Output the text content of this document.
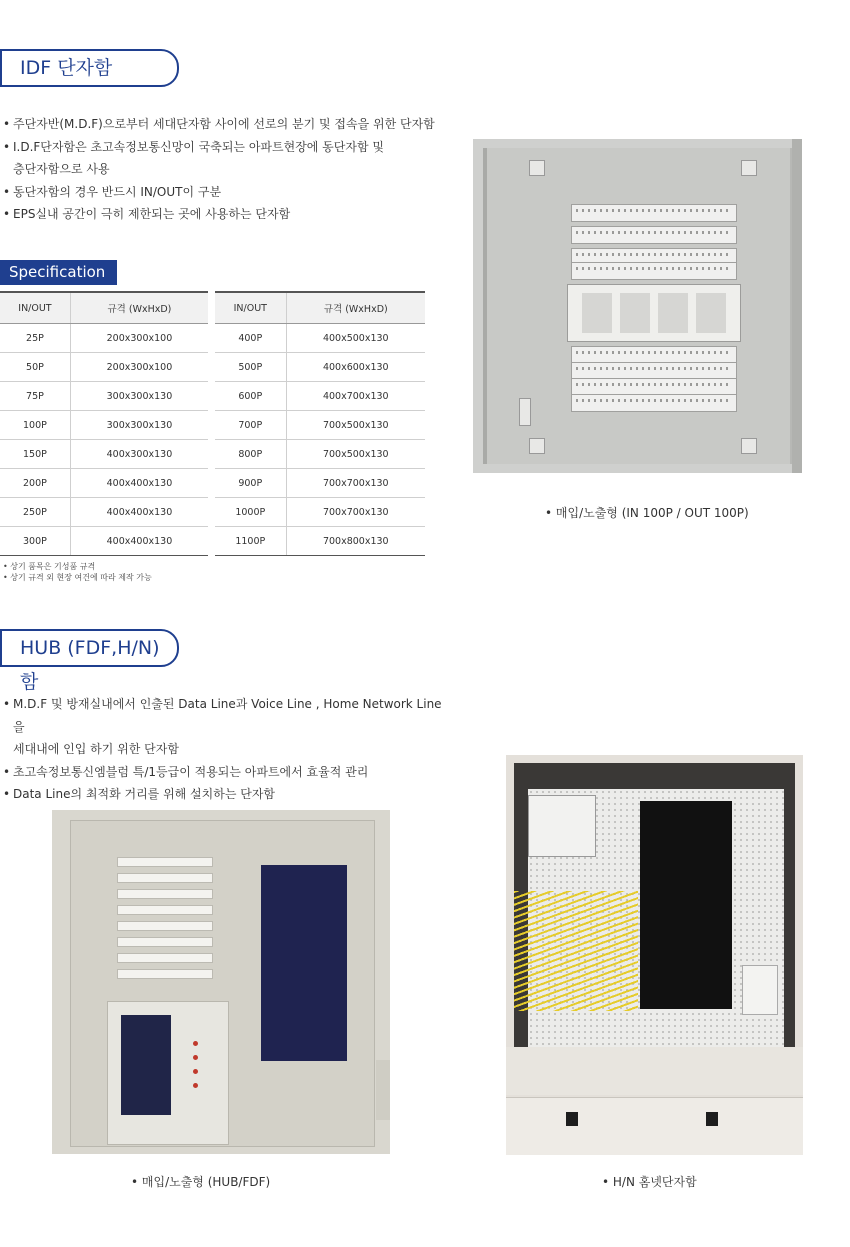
IDF 단자함
• 주단자반(M.D.F)으로부터 세대단자함 사이에 선로의 분기 및 접속을 위한 단자함
• I.D.F단자함은 초고속정보통신망이 국축되는 아파트현장에 동단자함 및
층단자함으로 사용
• 동단자함의 경우 반드시 IN/OUT이 구분
• EPS실내 공간이 극히 제한되는 곳에 사용하는 단자함
Specification
IN/OUT	규격 (WxHxD)
25P	200x300x100
50P	200x300x100
75P	300x300x130
100P	300x300x130
150P	400x300x130
200P	400x400x130
250P	400x400x130
300P	400x400x130
IN/OUT	규격 (WxHxD)
400P	400x500x130
500P	400x600x130
600P	400x700x130
700P	700x500x130
800P	700x500x130
900P	700x700x130
1000P	700x700x130
1100P	700x800x130
• 상기 품목은 기성품 규격
• 상기 규격 외 현장 여건에 따라 제작 가능
• 매입/노출형 (IN 100P / OUT 100P)
HUB (FDF,H/N)함
• M.D.F 및 방재실내에서 인출된 Data Line과 Voice Line , Home Network Line 을
세대내에 인입 하기 위한 단자함
• 초고속정보통신엠블럼 특/1등급이 적용되는 아파트에서 효율적 관리
• Data Line의 최적화 거리를 위해 설치하는 단자함
• 매입/노출형 (HUB/FDF)	• H/N 홈넷단자함
